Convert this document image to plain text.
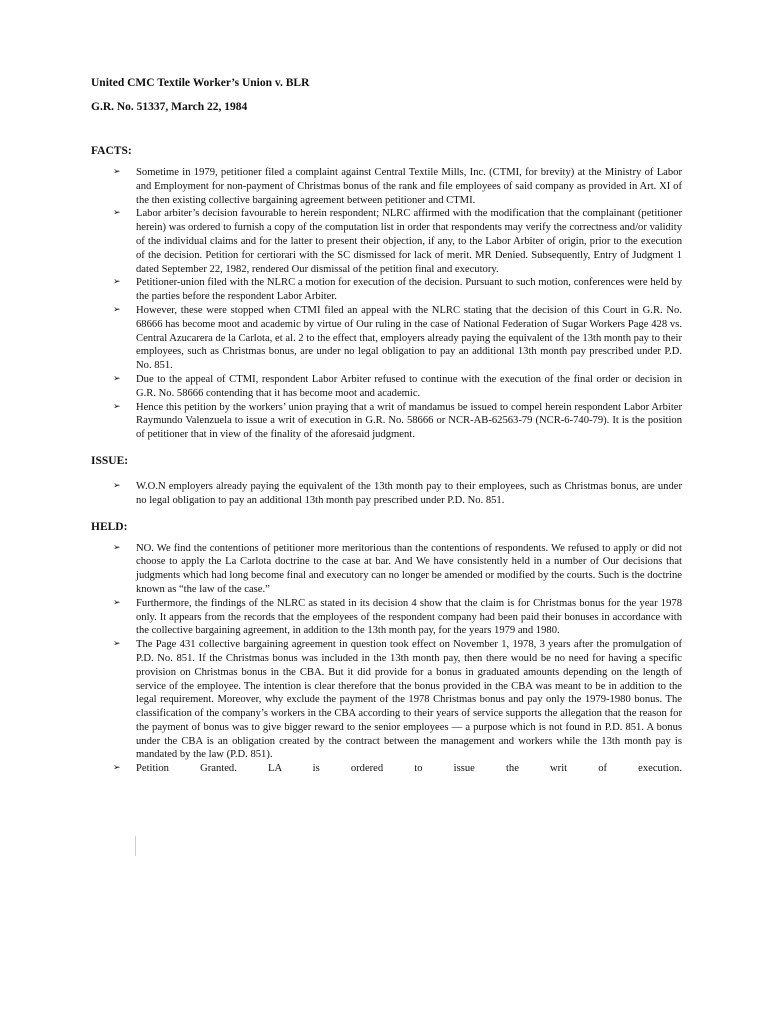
United CMC Textile Worker’s Union v. BLR
G.R. No. 51337, March 22, 1984
FACTS:
➢ Sometime in 1979, petitioner filed a complaint against Central Textile Mills, Inc. (CTMI, for brevity) at the Ministry of Labor and Employment for non-payment of Christmas bonus of the rank and file employees of said company as provided in Art. XI of the then existing collective bargaining agreement between petitioner and CTMI.
➢ Labor arbiter’s decision favourable to herein respondent; NLRC affirmed with the modification that the complainant (petitioner herein) was ordered to furnish a copy of the computation list in order that respondents may verify the correctness and/or validity of the individual claims and for the latter to present their objection, if any, to the Labor Arbiter of origin, prior to the execution of the decision. Petition for certiorari with the SC dismissed for lack of merit. MR Denied. Subsequently, Entry of Judgment 1 dated September 22, 1982, rendered Our dismissal of the petition final and executory.
➢ Petitioner-union filed with the NLRC a motion for execution of the decision. Pursuant to such motion, conferences were held by the parties before the respondent Labor Arbiter.
➢ However, these were stopped when CTMI filed an appeal with the NLRC stating that the decision of this Court in G.R. No. 68666 has become moot and academic by virtue of Our ruling in the case of National Federation of Sugar Workers Page 428 vs. Central Azucarera de la Carlota, et al. 2 to the effect that, employers already paying the equivalent of the 13th month pay to their employees, such as Christmas bonus, are under no legal obligation to pay an additional 13th month pay prescribed under P.D. No. 851.
➢ Due to the appeal of CTMI, respondent Labor Arbiter refused to continue with the execution of the final order or decision in G.R. No. 58666 contending that it has become moot and academic.
➢ Hence this petition by the workers’ union praying that a writ of mandamus be issued to compel herein respondent Labor Arbiter Raymundo Valenzuela to issue a writ of execution in G.R. No. 58666 or NCR-AB-62563-79 (NCR-6-740-79). It is the position of petitioner that in view of the finality of the aforesaid judgment.
ISSUE:
➢ W.O.N employers already paying the equivalent of the 13th month pay to their employees, such as Christmas bonus, are under no legal obligation to pay an additional 13th month pay prescribed under P.D. No. 851.
HELD:
➢ NO. We find the contentions of petitioner more meritorious than the contentions of respondents. We refused to apply or did not choose to apply the La Carlota doctrine to the case at bar. And We have consistently held in a number of Our decisions that judgments which had long become final and executory can no longer be amended or modified by the courts. Such is the doctrine known as “the law of the case.”
➢ Furthermore, the findings of the NLRC as stated in its decision 4 show that the claim is for Christmas bonus for the year 1978 only. It appears from the records that the employees of the respondent company had been paid their bonuses in accordance with the collective bargaining agreement, in addition to the 13th month pay, for the years 1979 and 1980.
➢ The Page 431 collective bargaining agreement in question took effect on November 1, 1978, 3 years after the promulgation of P.D. No. 851. If the Christmas bonus was included in the 13th month pay, then there would be no need for having a specific provision on Christmas bonus in the CBA. But it did provide for a bonus in graduated amounts depending on the length of service of the employee. The intention is clear therefore that the bonus provided in the CBA was meant to be in addition to the legal requirement. Moreover, why exclude the payment of the 1978 Christmas bonus and pay only the 1979-1980 bonus. The classification of the company’s workers in the CBA according to their years of service supports the allegation that the reason for the payment of bonus was to give bigger reward to the senior employees — a purpose which is not found in P.D. 851. A bonus under the CBA is an obligation created by the contract between the management and workers while the 13th month pay is mandated by the law (P.D. 851).
➢ Petition Granted. LA is ordered to issue the writ of execution.
